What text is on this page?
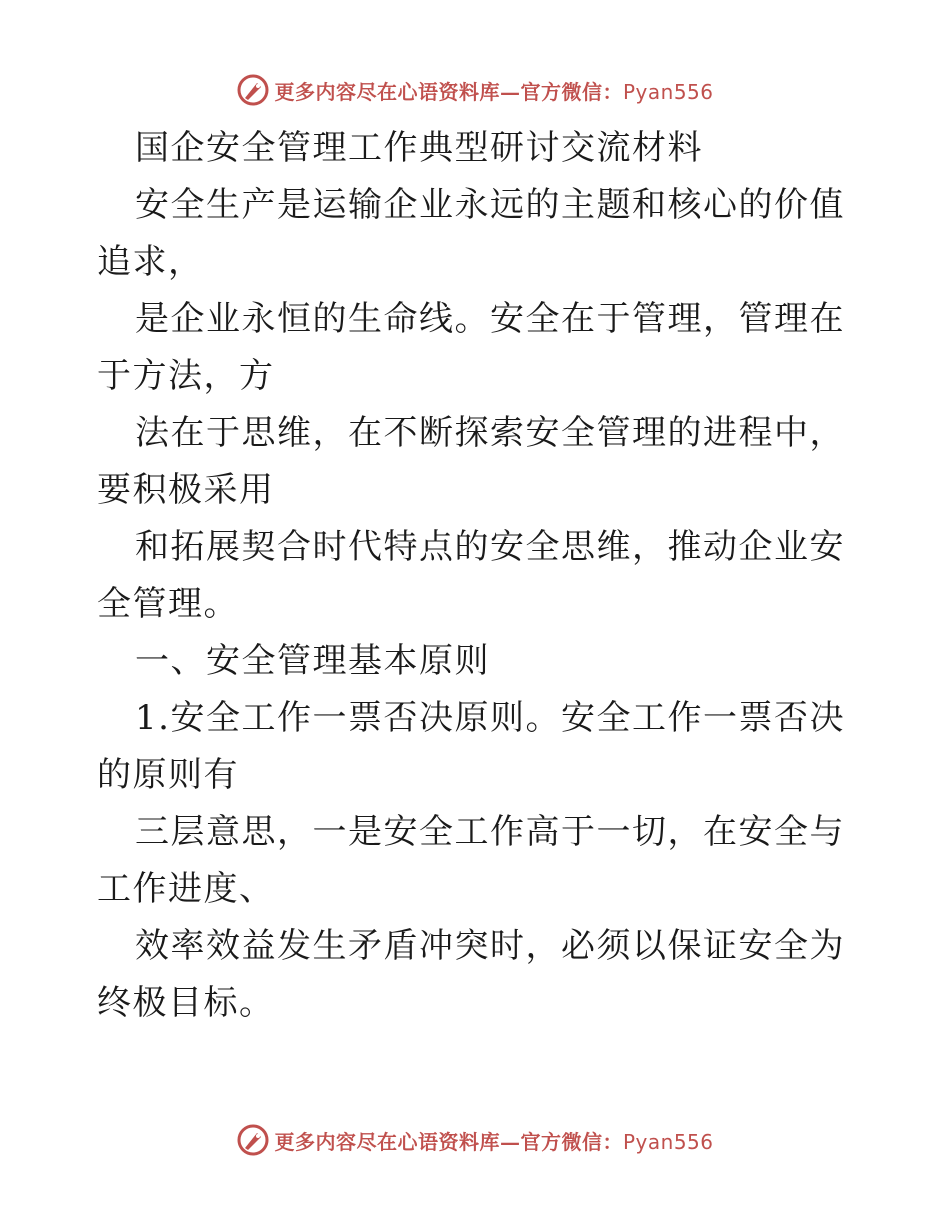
更多内容尽在心语资料库—官方微信：Pyan556

国企安全管理工作典型研讨交流材料

安全生产是运输企业永远的主题和核心的价值追求，

是企业永恒的生命线。安全在于管理，管理在于方法，方

法在于思维，在不断探索安全管理的进程中，要积极采用

和拓展契合时代特点的安全思维，推动企业安全管理。

一、安全管理基本原则

1.安全工作一票否决原则。安全工作一票否决的原则有

三层意思，一是安全工作高于一切，在安全与工作进度、

效率效益发生矛盾冲突时，必须以保证安全为终极目标。

更多内容尽在心语资料库—官方微信：Pyan556
